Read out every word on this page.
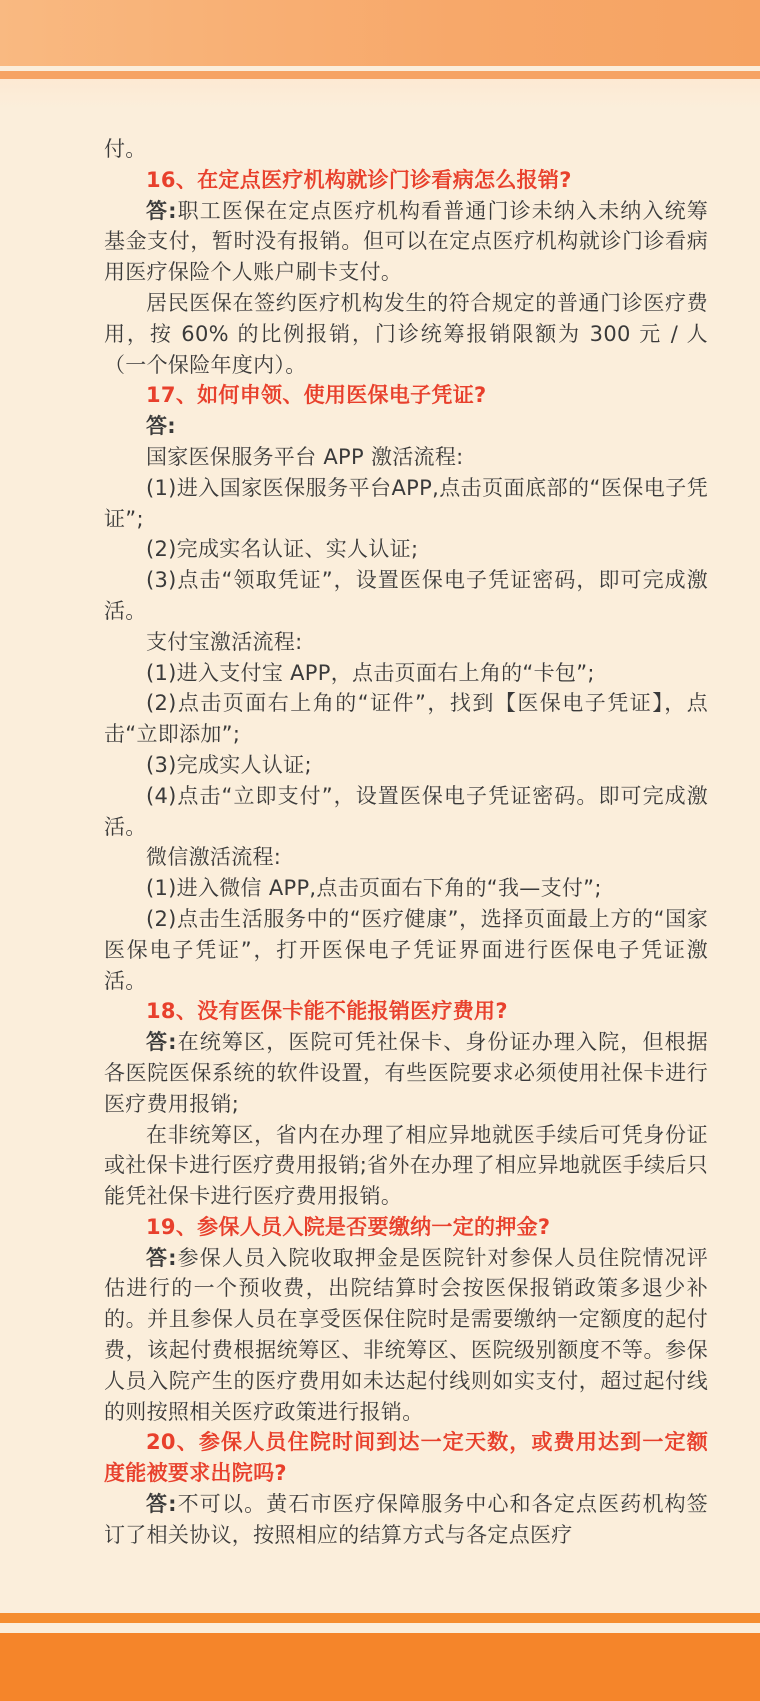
付。

16、在定点医疗机构就诊门诊看病怎么报销?

答:职工医保在定点医疗机构看普通门诊未纳入未纳入统筹基金支付，暂时没有报销。但可以在定点医疗机构就诊门诊看病用医疗保险个人账户刷卡支付。

居民医保在签约医疗机构发生的符合规定的普通门诊医疗费用，按 60% 的比例报销，门诊统筹报销限额为 300 元 / 人（一个保险年度内）。

17、如何申领、使用医保电子凭证?

答:

国家医保服务平台 APP 激活流程:

(1)进入国家医保服务平台APP,点击页面底部的“医保电子凭证”;

(2)完成实名认证、实人认证;

(3)点击“领取凭证”，设置医保电子凭证密码，即可完成激活。

支付宝激活流程:

(1)进入支付宝 APP，点击页面右上角的“卡包”;

(2)点击页面右上角的“证件”，找到【医保电子凭证】，点击“立即添加”;

(3)完成实人认证;

(4)点击“立即支付”，设置医保电子凭证密码。即可完成激活。

微信激活流程:

(1)进入微信 APP,点击页面右下角的“我—支付”;

(2)点击生活服务中的“医疗健康”，选择页面最上方的“国家医保电子凭证”，打开医保电子凭证界面进行医保电子凭证激活。

18、没有医保卡能不能报销医疗费用?

答:在统筹区，医院可凭社保卡、身份证办理入院，但根据各医院医保系统的软件设置，有些医院要求必须使用社保卡进行医疗费用报销;

在非统筹区，省内在办理了相应异地就医手续后可凭身份证或社保卡进行医疗费用报销;省外在办理了相应异地就医手续后只能凭社保卡进行医疗费用报销。

19、参保人员入院是否要缴纳一定的押金?

答:参保人员入院收取押金是医院针对参保人员住院情况评估进行的一个预收费，出院结算时会按医保报销政策多退少补的。并且参保人员在享受医保住院时是需要缴纳一定额度的起付费，该起付费根据统筹区、非统筹区、医院级别额度不等。参保人员入院产生的医疗费用如未达起付线则如实支付，超过起付线的则按照相关医疗政策进行报销。

20、参保人员住院时间到达一定天数，或费用达到一定额度能被要求出院吗?

答:不可以。黄石市医疗保障服务中心和各定点医药机构签订了相关协议，按照相应的结算方式与各定点医疗
